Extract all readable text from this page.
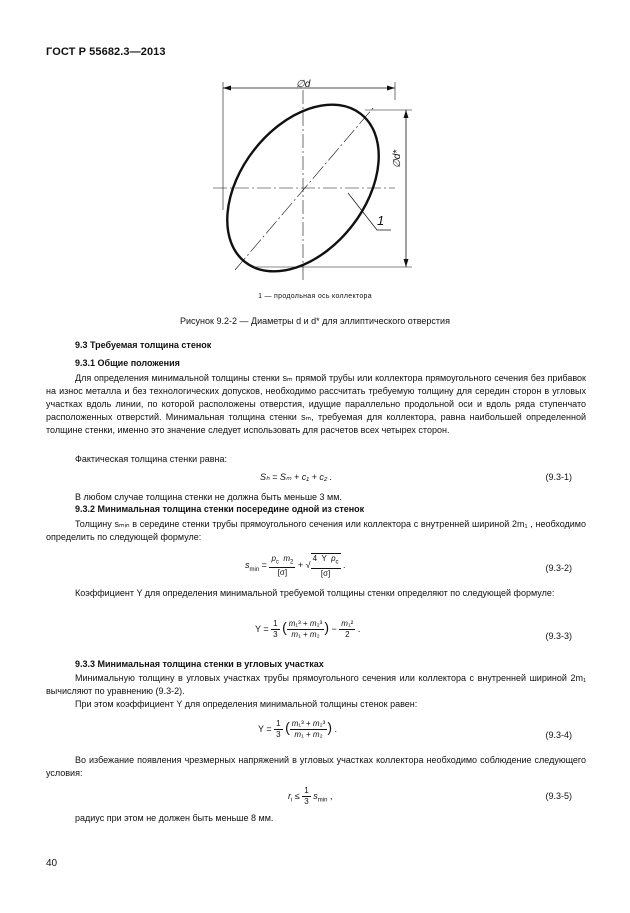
ГОСТ Р 55682.3—2013
∅d
∅d*
1
1 — продольная ось коллектора
Рисунок 9.2-2 — Диаметры d и d* для эллиптического отверстия
9.3 Требуемая толщина стенок
9.3.1 Общие положения
Для определения минимальной толщины стенки sₘ прямой трубы или коллектора прямоугольного сечения без прибавок на износ металла и без технологических допусков, необходимо рассчитать требуемую толщину для середин сторон в угловых участках вдоль линии, по которой расположены отверстия, идущие параллельно продольной оси и вдоль ряда ступенчато расположенных отверстий. Минимальная толщина стенки sₘ, требуемая для коллектора, равна наибольшей определенной толщине стенки, именно это значение следует использовать для расчетов всех четырех сторон.
Фактическая толщина стенки равна:
Sₕ = Sₘ + c₁ + c₂ .	(9.3-1)
В любом случае толщина стенки не должна быть меньше 3 мм.
9.3.2 Минимальная толщина стенки посередине одной из стенок
Толщину sₘᵢₙ в середине стенки трубы прямоугольного сечения или коллектора с внутренней шириной 2m₁ , необходимо определить по следующей формуле:
$s_{min} = \frac{p_c m_2}{[\sigma]}$ + √ $\frac{4 Y p_c}{[\sigma]}$ .	(9.3-2)
Коэффициент Y для определения минимальной требуемой толщины стенки определяют по следующей формуле:
$Y = \frac{1}{3}$ ( $\frac{\text{m₁³ + m₂³}}{\text{m₁ + m₂}}$ ) − $\frac{\text{m₁²}}{2}$ .
(9.3-3)
9.3.3 Минимальная толщина стенки в угловых участках
Минимальную толщину в угловых участках трубы прямоугольного сечения или коллектора с внутренней шириной 2m₁ вычисляют по уравнению (9.3-2).
При этом коэффициент Y для определения минимальной толщины стенок равен:
$Y = \frac{1}{3}$ ( $\frac{\text{m₁³ + m₂³}}{\text{m₁ + m₂}}$ ) .
(9.3-4)
Во избежание появления чрезмерных напряжений в угловых участках коллектора необходимо соблюдение следующего условия:
$r_i \le \frac{1}{3} s_{min}$ ,	(9.3-5)
радиус при этом не должен быть меньше 8 мм.
40
